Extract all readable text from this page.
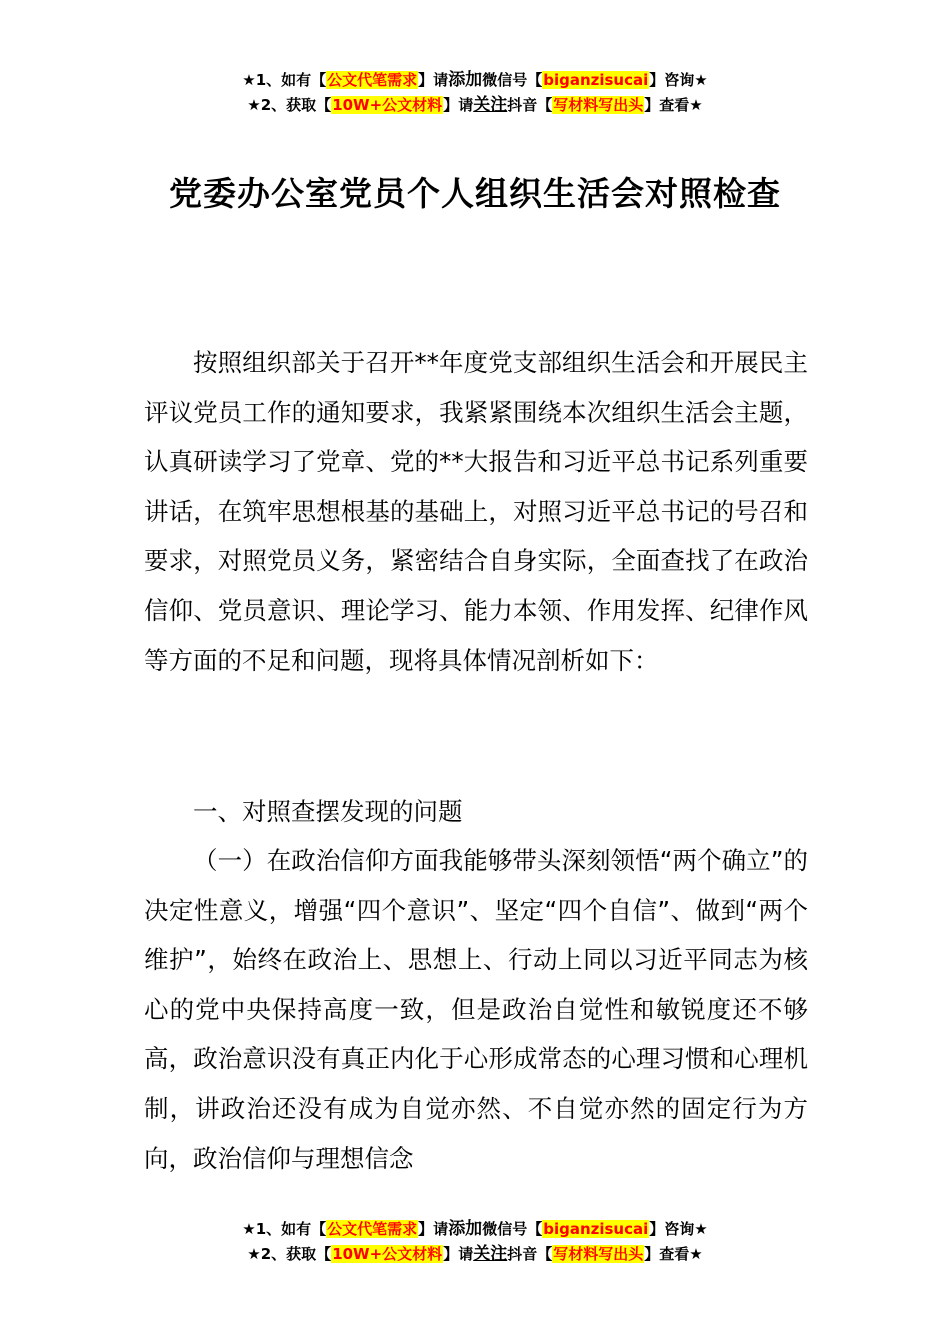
★1、如有【公文代笔需求】请添加微信号【biganzisucai】咨询★
★2、获取【10W+公文材料】请关注抖音【写材料写出头】查看★
党委办公室党员个人组织生活会对照检查

按照组织部关于召开**年度党支部组织生活会和开展民主评议党员工作的通知要求，我紧紧围绕本次组织生活会主题，认真研读学习了党章、党的**大报告和习近平总书记系列重要讲话，在筑牢思想根基的基础上，对照习近平总书记的号召和要求，对照党员义务，紧密结合自身实际，全面查找了在政治信仰、党员意识、理论学习、能力本领、作用发挥、纪律作风等方面的不足和问题，现将具体情况剖析如下：

一、对照查摆发现的问题

（一）在政治信仰方面我能够带头深刻领悟“两个确立”的决定性意义，增强“四个意识”、坚定“四个自信”、做到“两个维护”，始终在政治上、思想上、行动上同以习近平同志为核心的党中央保持高度一致，但是政治自觉性和敏锐度还不够高，政治意识没有真正内化于心形成常态的心理习惯和心理机制，讲政治还没有成为自觉亦然、不自觉亦然的固定行为方向，政治信仰与理想信念

★1、如有【公文代笔需求】请添加微信号【biganzisucai】咨询★
★2、获取【10W+公文材料】请关注抖音【写材料写出头】查看★
